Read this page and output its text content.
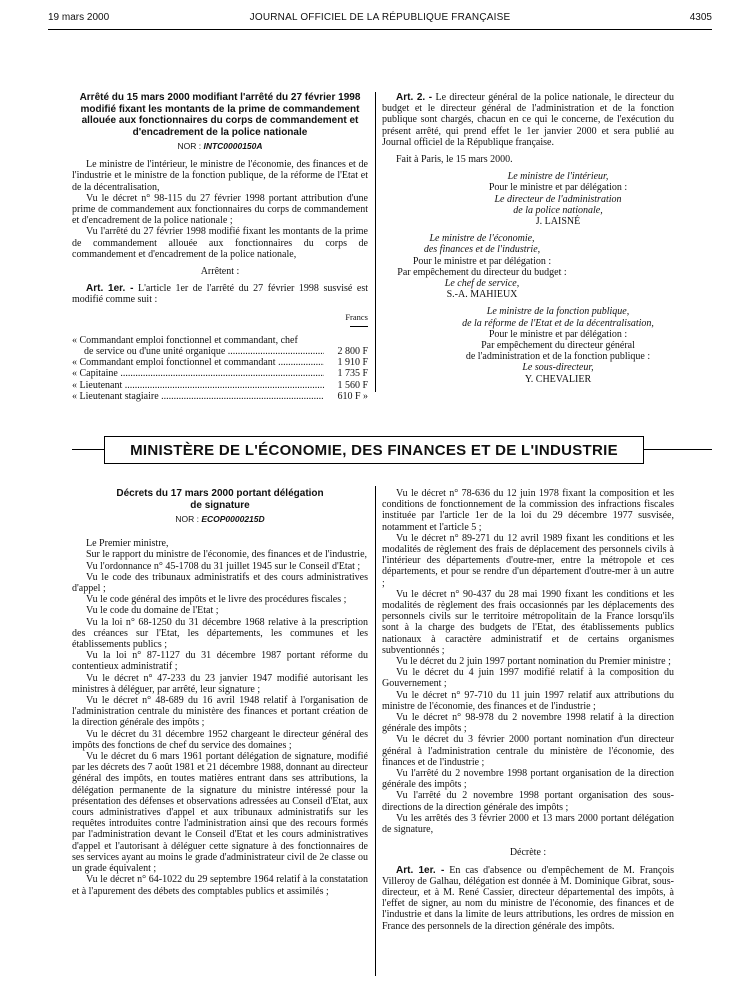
19 mars 2000	JOURNAL OFFICIEL DE LA RÉPUBLIQUE FRANÇAISE	4305
Arrêté du 15 mars 2000 modifiant l'arrêté du 27 février 1998 modifié fixant les montants de la prime de commandement allouée aux fonctionnaires du corps de commandement et d'encadrement de la police nationale
NOR : INTC0000150A

Le ministre de l'intérieur, le ministre de l'économie, des finances et de l'industrie et le ministre de la fonction publique, de la réforme de l'Etat et de la décentralisation,

Vu le décret n° 98-115 du 27 février 1998 portant attribution d'une prime de commandement aux fonctionnaires du corps de commandement et d'encadrement de la police nationale ;

Vu l'arrêté du 27 février 1998 modifié fixant les montants de la prime de commandement allouée aux fonctionnaires du corps de commandement et d'encadrement de la police nationale,

Arrêtent :

Art. 1er. - L'article 1er de l'arrêté du 27 février 1998 susvisé est modifié comme suit :

Francs
« Commandant emploi fonctionnel et commandant, chef
de service ou d'une unité organique .....	2 800 F
« Commandant emploi fonctionnel et commandant .....	1 910 F
« Capitaine .....	1 735 F
« Lieutenant .....	1 560 F
« Lieutenant stagiaire .....	610 F »

Art. 2. - Le directeur général de la police nationale, le directeur du budget et le directeur général de l'administration et de la fonction publique sont chargés, chacun en ce qui le concerne, de l'exécution du présent arrêté, qui prend effet le 1er janvier 2000 et sera publié au Journal officiel de la République française.

Fait à Paris, le 15 mars 2000.

Le ministre de l'intérieur,
Pour le ministre et par délégation :
Le directeur de l'administration
de la police nationale,
J. LAISNÉ
Le ministre de l'économie,
des finances et de l'industrie,
Pour le ministre et par délégation :
Par empêchement du directeur du budget :
Le chef de service,
S.-A. MAHIEUX
Le ministre de la fonction publique,
de la réforme de l'Etat et de la décentralisation,
Pour le ministre et par délégation :
Par empêchement du directeur général
de l'administration et de la fonction publique :
Le sous-directeur,
Y. CHEVALIER
MINISTÈRE DE L'ÉCONOMIE, DES FINANCES ET DE L'INDUSTRIE
Décrets du 17 mars 2000 portant délégation de signature
NOR : ECOP0000215D

Le Premier ministre,

Sur le rapport du ministre de l'économie, des finances et de l'industrie,

Vu l'ordonnance n° 45-1708 du 31 juillet 1945 sur le Conseil d'Etat ;

Vu le code des tribunaux administratifs et des cours administratives d'appel ;

Vu le code général des impôts et le livre des procédures fiscales ;

Vu le code du domaine de l'Etat ;

Vu la loi n° 68-1250 du 31 décembre 1968 relative à la prescription des créances sur l'Etat, les départements, les communes et les établissements publics ;

Vu la loi n° 87-1127 du 31 décembre 1987 portant réforme du contentieux administratif ;

Vu le décret n° 47-233 du 23 janvier 1947 modifié autorisant les ministres à déléguer, par arrêté, leur signature ;

Vu le décret n° 48-689 du 16 avril 1948 relatif à l'organisation de l'administration centrale du ministère des finances et portant création de la direction générale des impôts ;

Vu le décret du 31 décembre 1952 chargeant le directeur général des impôts des fonctions de chef du service des domaines ;

Vu le décret du 6 mars 1961 portant délégation de signature, modifié par les décrets des 7 août 1981 et 21 décembre 1988, donnant au directeur général des impôts, en toutes matières entrant dans ses attributions, la délégation permanente de la signature du ministre intéressé pour la présentation des défenses et observations adressées au Conseil d'Etat, aux cours administratives d'appel et aux tribunaux administratifs sur les requêtes introduites contre l'administration ainsi que des recours formés par l'administration devant le Conseil d'Etat et les cours administratives d'appel et l'autorisant à déléguer cette signature à des fonctionnaires de ses services ayant au moins le grade d'administrateur civil de 2e classe ou un grade équivalent ;

Vu le décret n° 64-1022 du 29 septembre 1964 relatif à la constatation et à l'apurement des débets des comptables publics et assimilés ;

Vu le décret n° 78-636 du 12 juin 1978 fixant la composition et les conditions de fonctionnement de la commission des infractions fiscales instituée par l'article 1er de la loi du 29 décembre 1977 susvisée, notamment et l'article 5 ;

Vu le décret n° 89-271 du 12 avril 1989 fixant les conditions et les modalités de règlement des frais de déplacement des personnels civils à l'intérieur des départements d'outre-mer, entre la métropole et ces départements, et pour se rendre d'un département d'outre-mer à un autre ;

Vu le décret n° 90-437 du 28 mai 1990 fixant les conditions et les modalités de règlement des frais occasionnés par les déplacements des personnels civils sur le territoire métropolitain de la France lorsqu'ils sont à la charge des budgets de l'Etat, des établissements publics nationaux à caractère administratif et de certains organismes subventionnés ;

Vu le décret du 2 juin 1997 portant nomination du Premier ministre ;

Vu le décret du 4 juin 1997 modifié relatif à la composition du Gouvernement ;

Vu le décret n° 97-710 du 11 juin 1997 relatif aux attributions du ministre de l'économie, des finances et de l'industrie ;

Vu le décret n° 98-978 du 2 novembre 1998 relatif à la direction générale des impôts ;

Vu le décret du 3 février 2000 portant nomination d'un directeur général à l'administration centrale du ministère de l'économie, des finances et de l'industrie ;

Vu l'arrêté du 2 novembre 1998 portant organisation de la direction générale des impôts ;

Vu l'arrêté du 2 novembre 1998 portant organisation des sous-directions de la direction générale des impôts ;

Vu les arrêtés des 3 février 2000 et 13 mars 2000 portant délégation de signature,

Décrète :

Art. 1er. - En cas d'absence ou d'empêchement de M. François Villeroy de Galhau, délégation est donnée à M. Dominique Gibrat, sous-directeur, et à M. René Cassier, directeur départemental des impôts, à l'effet de signer, au nom du ministre de l'économie, des finances et de l'industrie et dans la limite de leurs attributions, les ordres de mission en France des personnels de la direction générale des impôts.
